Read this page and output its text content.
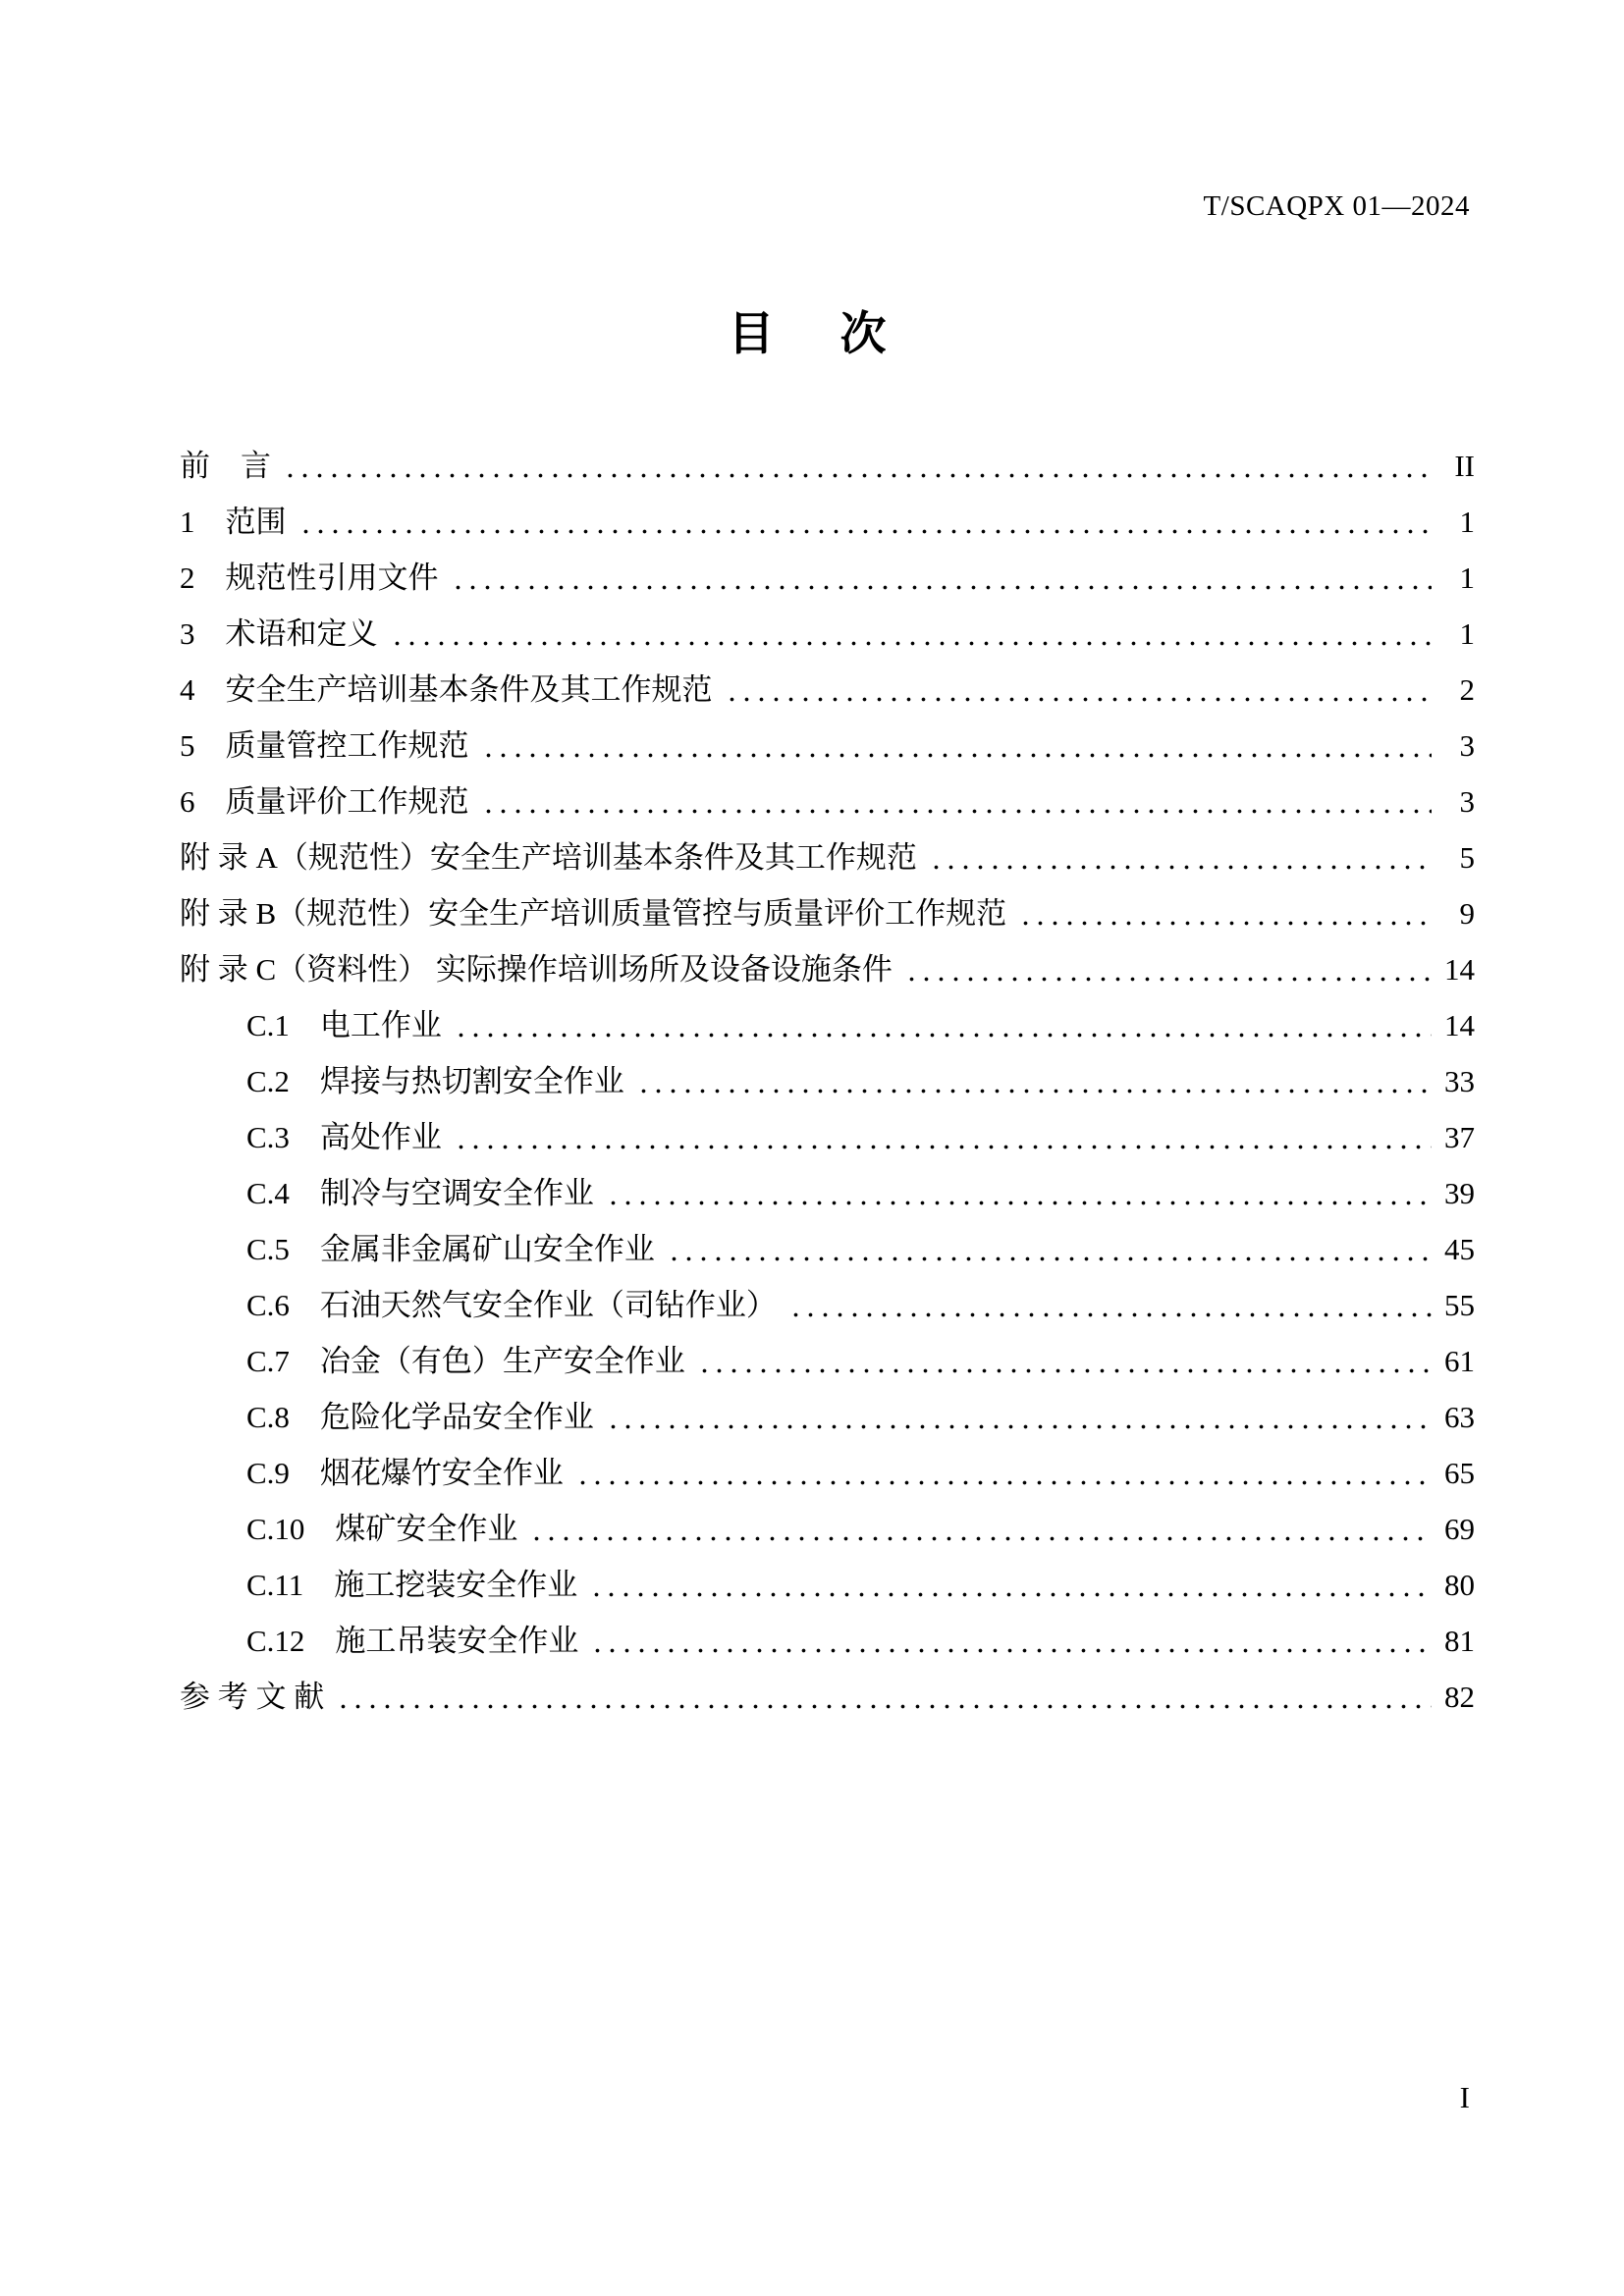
T/SCAQPX 01—2024
目　次
前　言	II
1　范围	1
2　规范性引用文件	1
3　术语和定义	1
4　安全生产培训基本条件及其工作规范	2
5　质量管控工作规范	3
6　质量评价工作规范	3
附 录 A（规范性）安全生产培训基本条件及其工作规范	5
附 录 B（规范性）安全生产培训质量管控与质量评价工作规范	9
附 录 C（资料性） 实际操作培训场所及设备设施条件	14
C.1　电工作业	14
C.2　焊接与热切割安全作业	33
C.3　高处作业	37
C.4　制冷与空调安全作业	39
C.5　金属非金属矿山安全作业	45
C.6　石油天然气安全作业（司钻作业）	55
C.7　冶金（有色）生产安全作业	61
C.8　危险化学品安全作业	63
C.9　烟花爆竹安全作业	65
C.10　煤矿安全作业	69
C.11　施工挖装安全作业	80
C.12　施工吊装安全作业	81
参 考 文 献	82
I
